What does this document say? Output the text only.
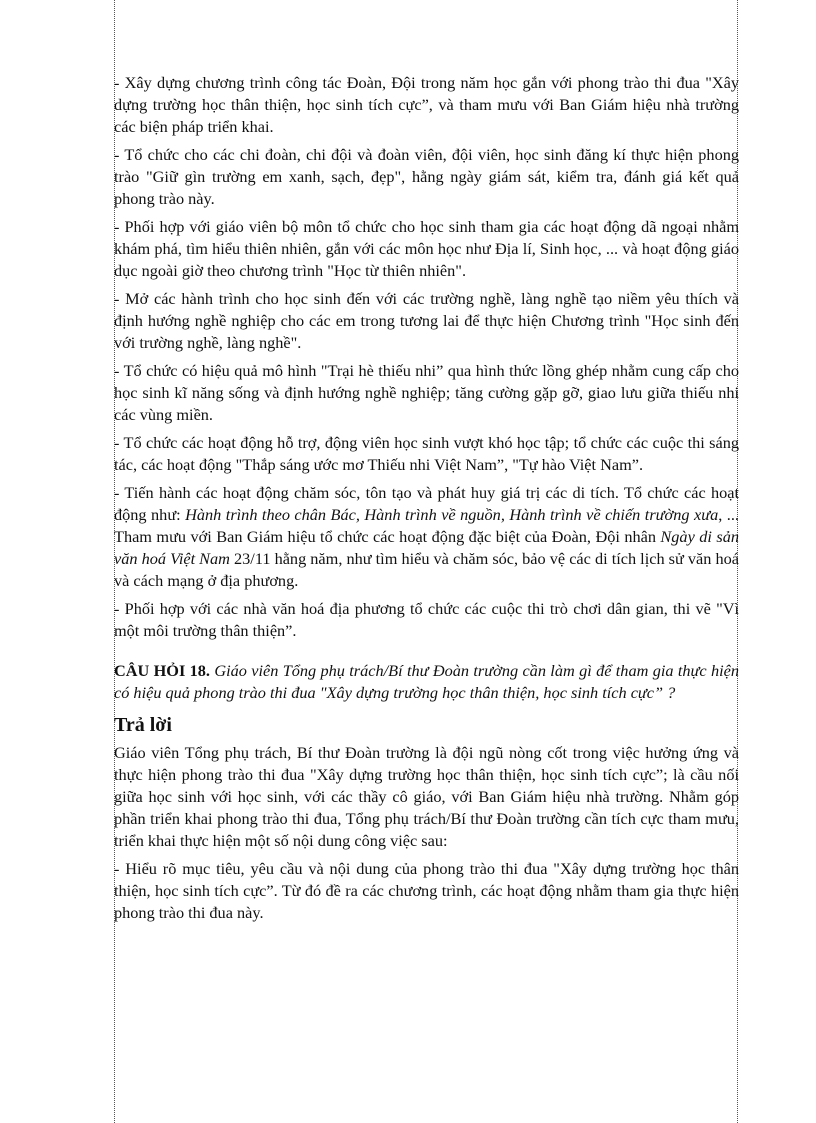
- Xây dựng chương trình công tác Đoàn, Đội trong năm học gắn với phong trào thi đua "Xây dựng trường học thân thiện, học sinh tích cực”, và tham mưu với Ban Giám hiệu nhà trường các biện pháp triển khai.

- Tổ chức cho các chi đoàn, chi đội và đoàn viên, đội viên, học sinh đăng kí thực hiện phong trào "Giữ gìn trường em xanh, sạch, đẹp", hằng ngày giám sát, kiểm tra, đánh giá kết quả phong trào này.

- Phối hợp với giáo viên bộ môn tổ chức cho học sinh tham gia các hoạt động dã ngoại nhằm khám phá, tìm hiểu thiên nhiên, gắn với các môn học như Địa lí, Sinh học, ... và hoạt động giáo dục ngoài giờ theo chương trình "Học từ thiên nhiên".

- Mở các hành trình cho học sinh đến với các trường nghề, làng nghề tạo niềm yêu thích và định hướng nghề nghiệp cho các em trong tương lai để thực hiện Chương trình "Học sinh đến với trường nghề, làng nghề".

- Tổ chức có hiệu quả mô hình "Trại hè thiếu nhi” qua hình thức lồng ghép nhằm cung cấp cho học sinh kĩ năng sống và định hướng nghề nghiệp; tăng cường gặp gỡ, giao lưu giữa thiếu nhi các vùng miền.

- Tổ chức các hoạt động hỗ trợ, động viên học sinh vượt khó học tập; tổ chức các cuộc thi sáng tác, các hoạt động "Thắp sáng ước mơ Thiếu nhi Việt Nam”, "Tự hào Việt Nam”.

- Tiến hành các hoạt động chăm sóc, tôn tạo và phát huy giá trị các di tích. Tổ chức các hoạt động như: Hành trình theo chân Bác, Hành trình về nguồn, Hành trình về chiến trường xưa, ... Tham mưu với Ban Giám hiệu tổ chức các hoạt động đặc biệt của Đoàn, Đội nhân Ngày di sản văn hoá Việt Nam 23/11 hằng năm, như tìm hiểu và chăm sóc, bảo vệ các di tích lịch sử văn hoá và cách mạng ở địa phương.

- Phối hợp với các nhà văn hoá địa phương tổ chức các cuộc thi trò chơi dân gian, thi vẽ "Vì một môi trường thân thiện”.

CÂU HỎI 18. Giáo viên Tổng phụ trách/Bí thư Đoàn trường cần làm gì để tham gia thực hiện có hiệu quả phong trào thi đua "Xây dựng trường học thân thiện, học sinh tích cực” ?

Trả lời

Giáo viên Tổng phụ trách, Bí thư Đoàn trường là đội ngũ nòng cốt trong việc hưởng ứng và thực hiện phong trào thi đua "Xây dựng trường học thân thiện, học sinh tích cực”; là cầu nối giữa học sinh với học sinh, với các thầy cô giáo, với Ban Giám hiệu nhà trường. Nhằm góp phần triển khai phong trào thi đua, Tổng phụ trách/Bí thư Đoàn trường cần tích cực tham mưu, triển khai thực hiện một số nội dung công việc sau:

- Hiểu rõ mục tiêu, yêu cầu và nội dung của phong trào thi đua "Xây dựng trường học thân thiện, học sinh tích cực”. Từ đó đề ra các chương trình, các hoạt động nhằm tham gia thực hiện phong trào thi đua này.
